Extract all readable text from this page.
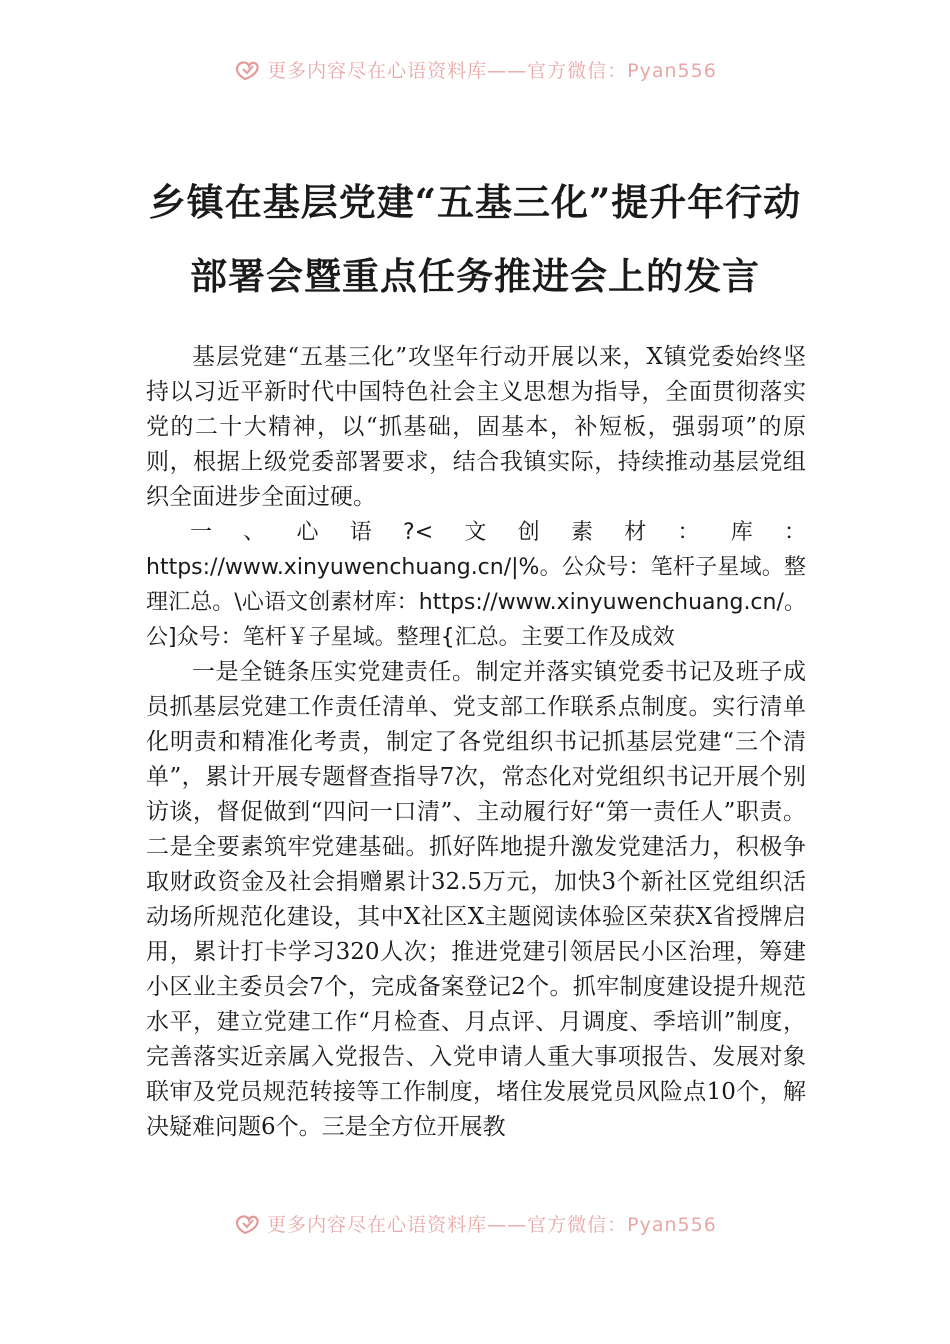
更多内容尽在心语资料库——官方微信：Pyan556
乡镇在基层党建“五基三化”提升年行动
部署会暨重点任务推进会上的发言

基层党建“五基三化”攻坚年行动开展以来，X镇党委始终坚持以习近平新时代中国特色社会主义思想为指导，全面贯彻落实党的二十大精神，以“抓基础，固基本，补短板，强弱项”的原则，根据上级党委部署要求，结合我镇实际，持续推动基层党组织全面进步全面过硬。

一、心语?<文创素材：库：https://www.xinyuwenchuang.cn/|%。公众号：笔杆子星域。整理汇总。\心语文创素材库：https://www.xinyuwenchuang.cn/。公]众号：笔杆￥子星域。整理{汇总。主要工作及成效

一是全链条压实党建责任。制定并落实镇党委书记及班子成员抓基层党建工作责任清单、党支部工作联系点制度。实行清单化明责和精准化考责，制定了各党组织书记抓基层党建“三个清单”，累计开展专题督查指导7次，常态化对党组织书记开展个别访谈，督促做到“四问一口清”、主动履行好“第一责任人”职责。二是全要素筑牢党建基础。抓好阵地提升激发党建活力，积极争取财政资金及社会捐赠累计32.5万元，加快3个新社区党组织活动场所规范化建设，其中X社区X主题阅读体验区荣获X省授牌启用，累计打卡学习320人次；推进党建引领居民小区治理，筹建小区业主委员会7个，完成备案登记2个。抓牢制度建设提升规范水平，建立党建工作“月检查、月点评、月调度、季培训”制度，完善落实近亲属入党报告、入党申请人重大事项报告、发展对象联审及党员规范转接等工作制度，堵住发展党员风险点10个，解决疑难问题6个。三是全方位开展教

更多内容尽在心语资料库——官方微信：Pyan556
